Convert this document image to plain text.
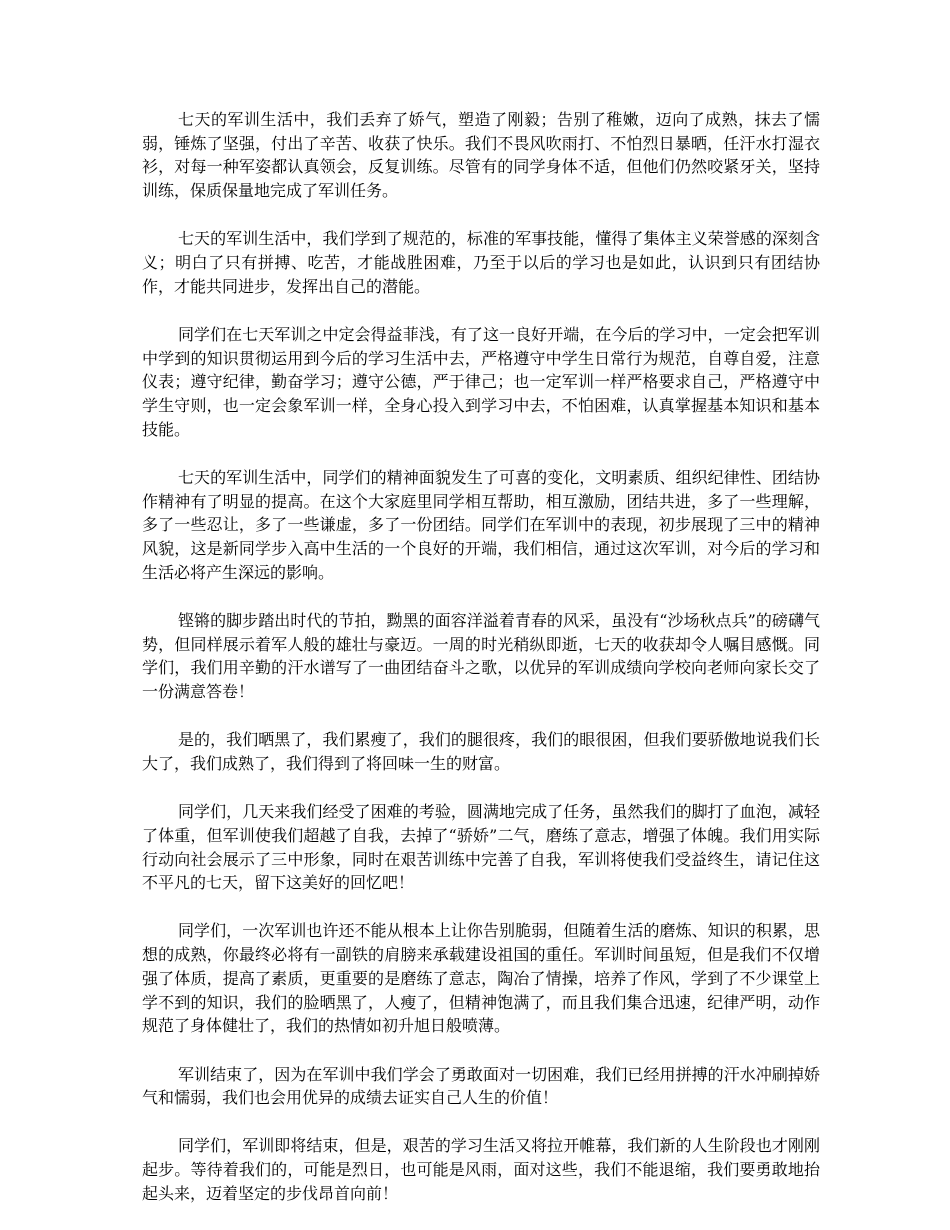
七天的军训生活中，我们丢弃了娇气，塑造了刚毅；告别了稚嫩，迈向了成熟，抹去了懦弱，锤炼了坚强，付出了辛苦、收获了快乐。我们不畏风吹雨打、不怕烈日暴晒，任汗水打湿衣衫，对每一种军姿都认真领会，反复训练。尽管有的同学身体不适，但他们仍然咬紧牙关，坚持训练，保质保量地完成了军训任务。

七天的军训生活中，我们学到了规范的，标准的军事技能，懂得了集体主义荣誉感的深刻含义；明白了只有拼搏、吃苦，才能战胜困难，乃至于以后的学习也是如此，认识到只有团结协作，才能共同进步，发挥出自己的潜能。

同学们在七天军训之中定会得益菲浅，有了这一良好开端，在今后的学习中，一定会把军训中学到的知识贯彻运用到今后的学习生活中去，严格遵守中学生日常行为规范，自尊自爱，注意仪表；遵守纪律，勤奋学习；遵守公德，严于律己；也一定军训一样严格要求自己，严格遵守中学生守则，也一定会象军训一样，全身心投入到学习中去，不怕困难，认真掌握基本知识和基本技能。

七天的军训生活中，同学们的精神面貌发生了可喜的变化，文明素质、组织纪律性、团结协作精神有了明显的提高。在这个大家庭里同学相互帮助，相互激励，团结共进，多了一些理解，多了一些忍让，多了一些谦虚，多了一份团结。同学们在军训中的表现，初步展现了三中的精神风貌，这是新同学步入高中生活的一个良好的开端，我们相信，通过这次军训，对今后的学习和生活必将产生深远的影响。

铿锵的脚步踏出时代的节拍，黝黑的面容洋溢着青春的风采，虽没有“沙场秋点兵”的磅礴气势，但同样展示着军人般的雄壮与豪迈。一周的时光稍纵即逝，七天的收获却令人嘱目感慨。同学们，我们用辛勤的汗水谱写了一曲团结奋斗之歌，以优异的军训成绩向学校向老师向家长交了一份满意答卷！

是的，我们晒黑了，我们累瘦了，我们的腿很疼，我们的眼很困，但我们要骄傲地说我们长大了，我们成熟了，我们得到了将回味一生的财富。

同学们，几天来我们经受了困难的考验，圆满地完成了任务，虽然我们的脚打了血泡，减轻了体重，但军训使我们超越了自我，去掉了“骄娇”二气，磨练了意志，增强了体魄。我们用实际行动向社会展示了三中形象，同时在艰苦训练中完善了自我，军训将使我们受益终生，请记住这不平凡的七天，留下这美好的回忆吧！

同学们，一次军训也许还不能从根本上让你告别脆弱，但随着生活的磨炼、知识的积累，思想的成熟，你最终必将有一副铁的肩膀来承载建设祖国的重任。军训时间虽短，但是我们不仅增强了体质，提高了素质，更重要的是磨练了意志，陶冶了情操，培养了作风，学到了不少课堂上学不到的知识，我们的脸晒黑了，人瘦了，但精神饱满了，而且我们集合迅速，纪律严明，动作规范了身体健壮了，我们的热情如初升旭日般喷薄。

军训结束了，因为在军训中我们学会了勇敢面对一切困难，我们已经用拼搏的汗水冲刷掉娇气和懦弱，我们也会用优异的成绩去证实自己人生的价值！

同学们，军训即将结束，但是，艰苦的学习生活又将拉开帷幕，我们新的人生阶段也才刚刚起步。等待着我们的，可能是烈日，也可能是风雨，面对这些，我们不能退缩，我们要勇敢地抬起头来，迈着坚定的步伐昂首向前！
